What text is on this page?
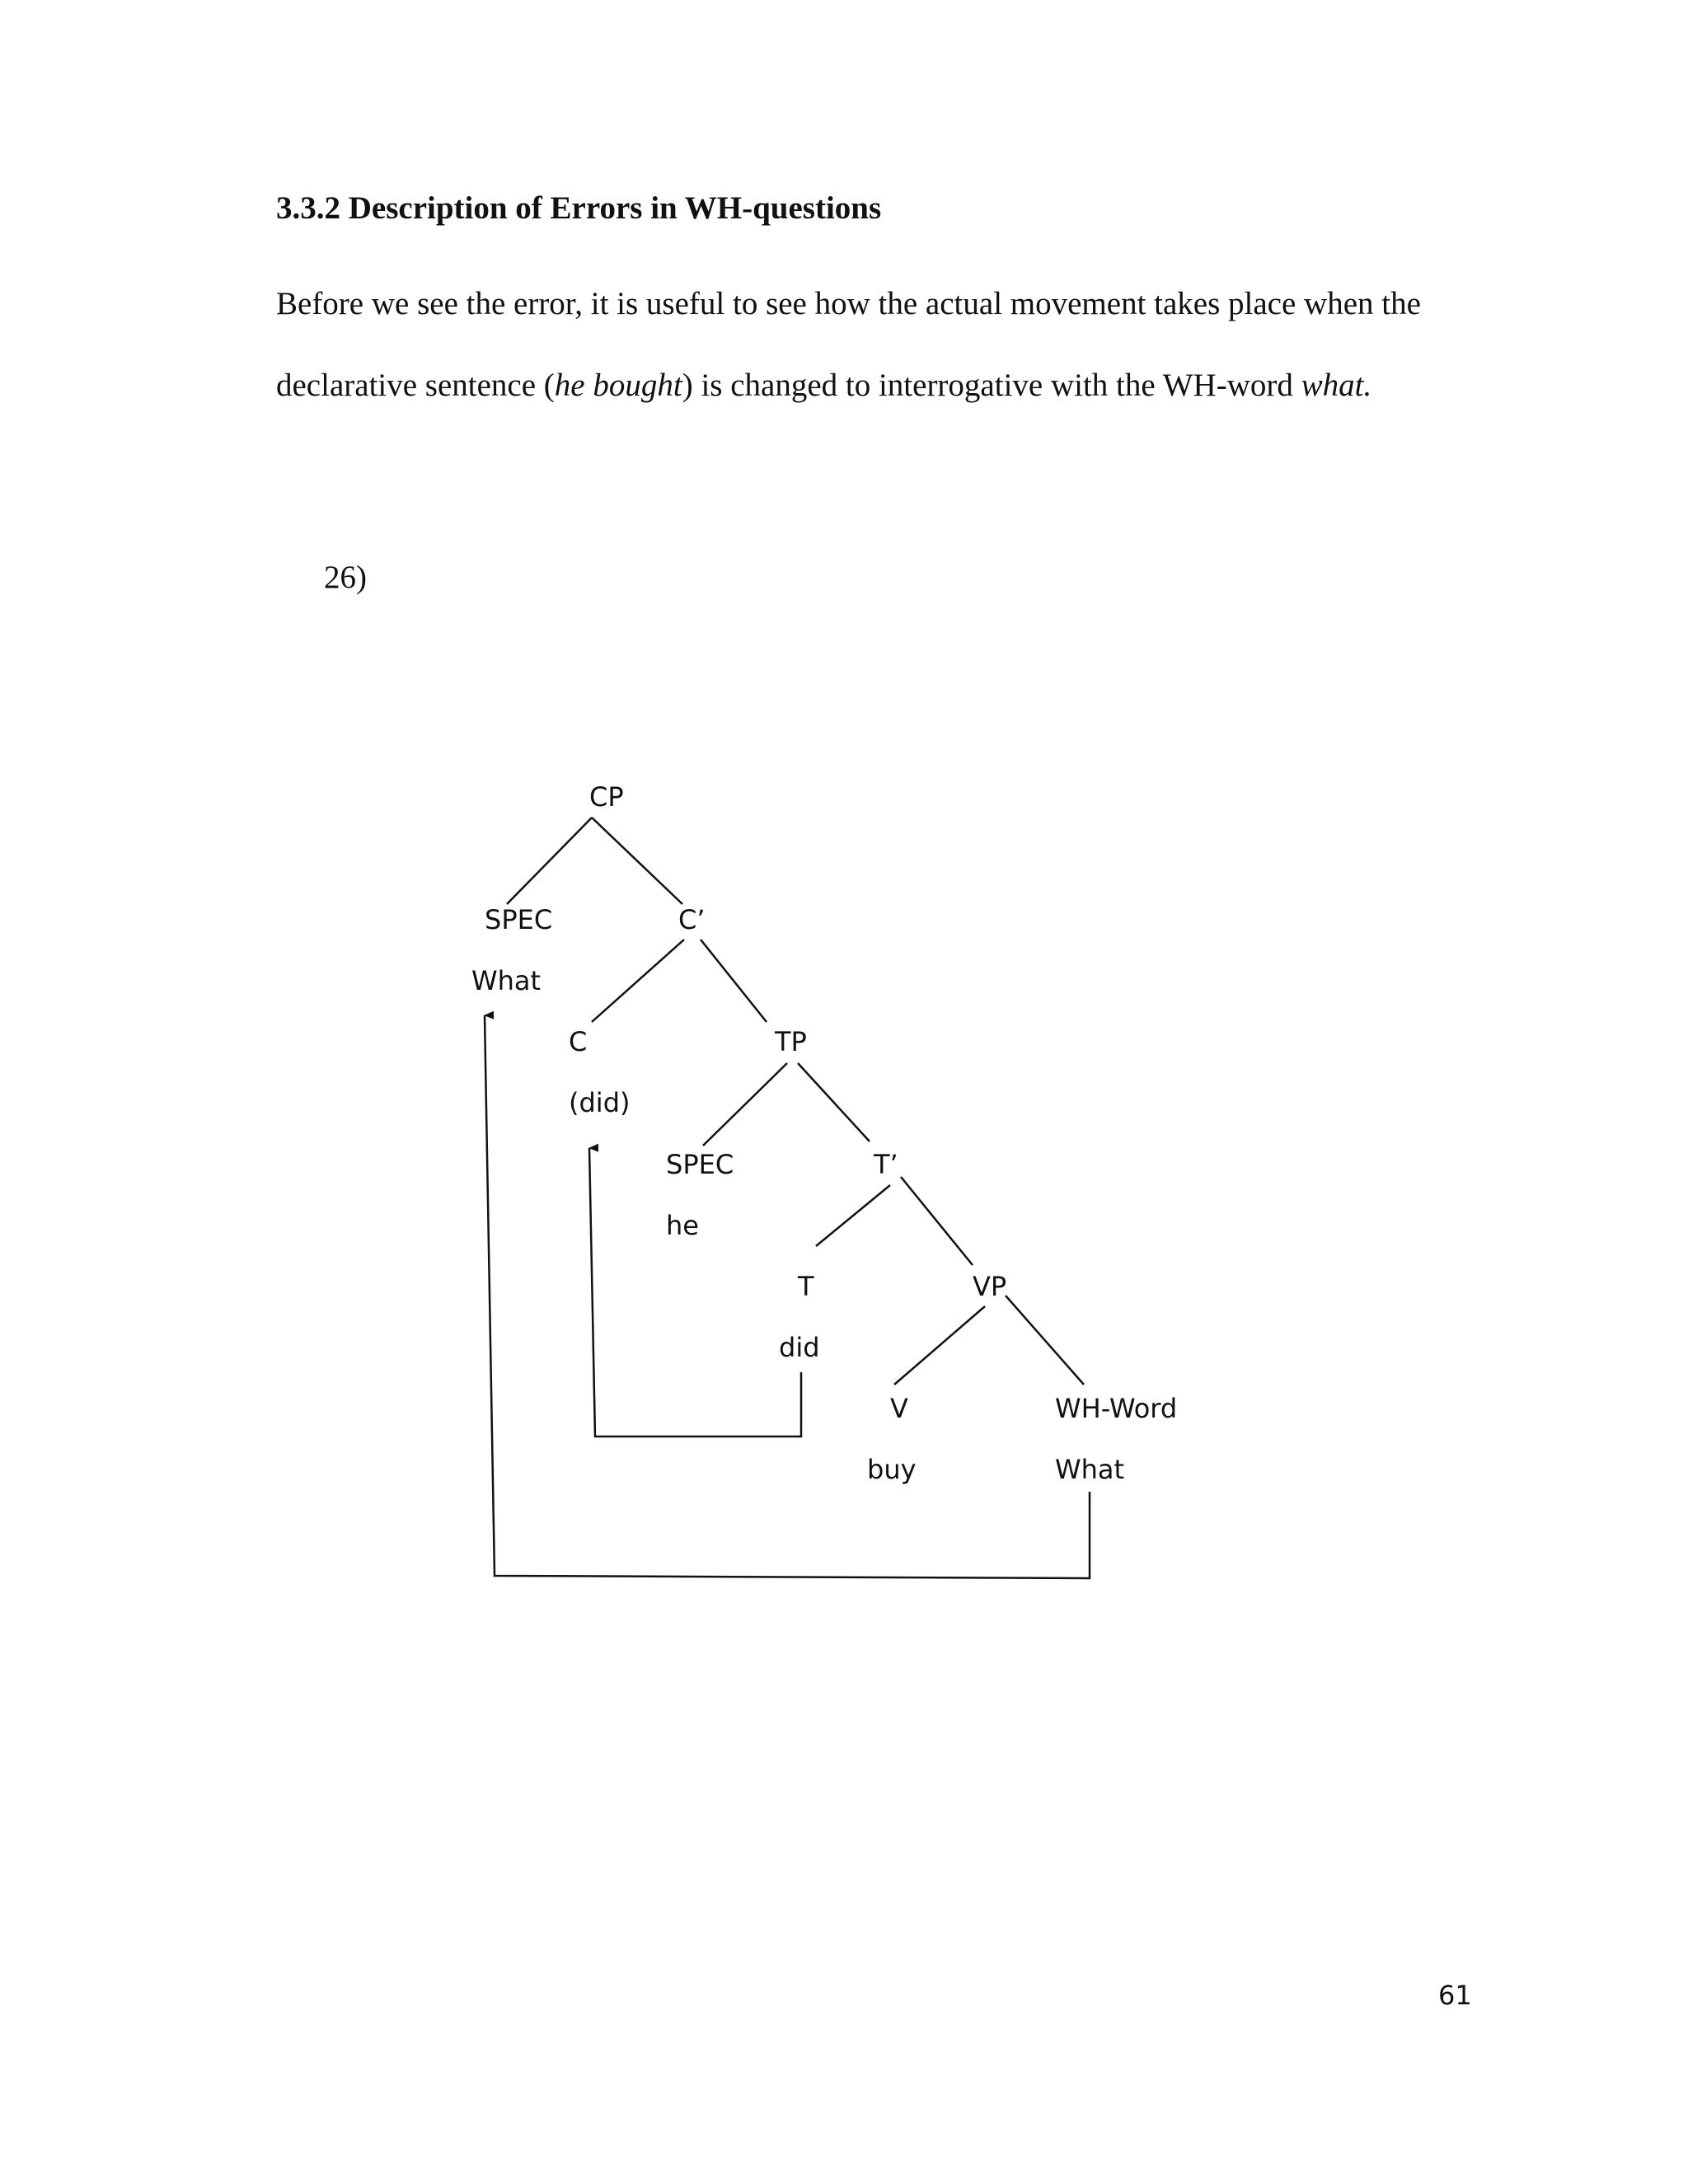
3.3.2 Description of Errors in WH-questions
Before we see the error, it is useful to see how the actual movement takes place when the
declarative sentence (he bought) is changed to interrogative with the WH-word what.
26)
CP
SPEC
What
C’
C
(did)
TP
SPEC
he
T’
T
did
VP
V
buy
WH-Word
What
61
